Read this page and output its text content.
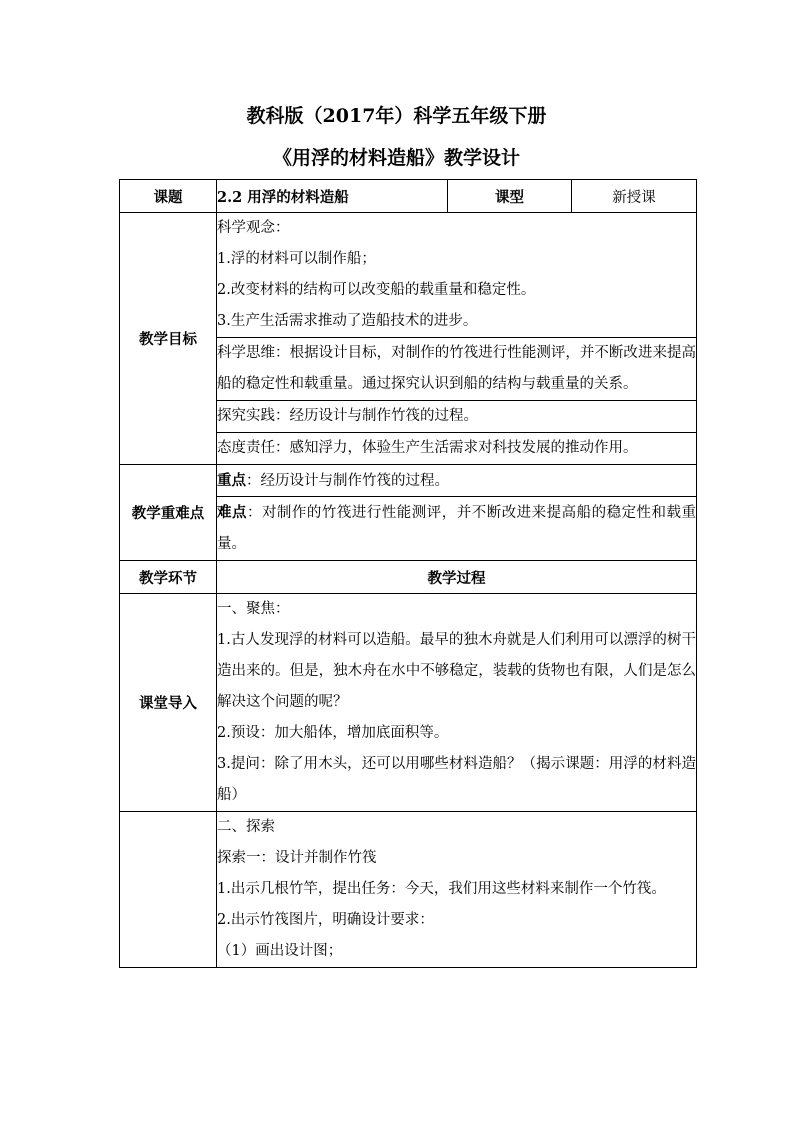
教科版（2017年）科学五年级下册
《用浮的材料造船》教学设计
课题	2.2 用浮的材料造船	课型	新授课
教学目标	科学观念：
1.浮的材料可以制作船；
2.改变材料的结构可以改变船的载重量和稳定性。
3.生产生活需求推动了造船技术的进步。		

	科学思维：根据设计目标，对制作的竹筏进行性能测评，并不断改进来提高船的稳定性和载重量。通过探究认识到船的结构与载重量的关系。		

	探究实践：经历设计与制作竹筏的过程。		

	态度责任：感知浮力，体验生产生活需求对科技发展的推动作用。		

教学重难点	重点：经历设计与制作竹筏的过程。		

	难点：对制作的竹筏进行性能测评，并不断改进来提高船的稳定性和载重量。		

教学环节	教学过程		
课堂导入	一、聚焦：
1.古人发现浮的材料可以造船。最早的独木舟就是人们利用可以漂浮的树干造出来的。但是，独木舟在水中不够稳定，装载的货物也有限，人们是怎么解决这个问题的呢？
2.预设：加大船体，增加底面积等。
3.提问：除了用木头，还可以用哪些材料造船？（揭示课题：用浮的材料造船）		

	二、探索
探索一：设计并制作竹筏
1.出示几根竹竿，提出任务：今天，我们用这些材料来制作一个竹筏。
2.出示竹筏图片，明确设计要求：
（1）画出设计图；		
